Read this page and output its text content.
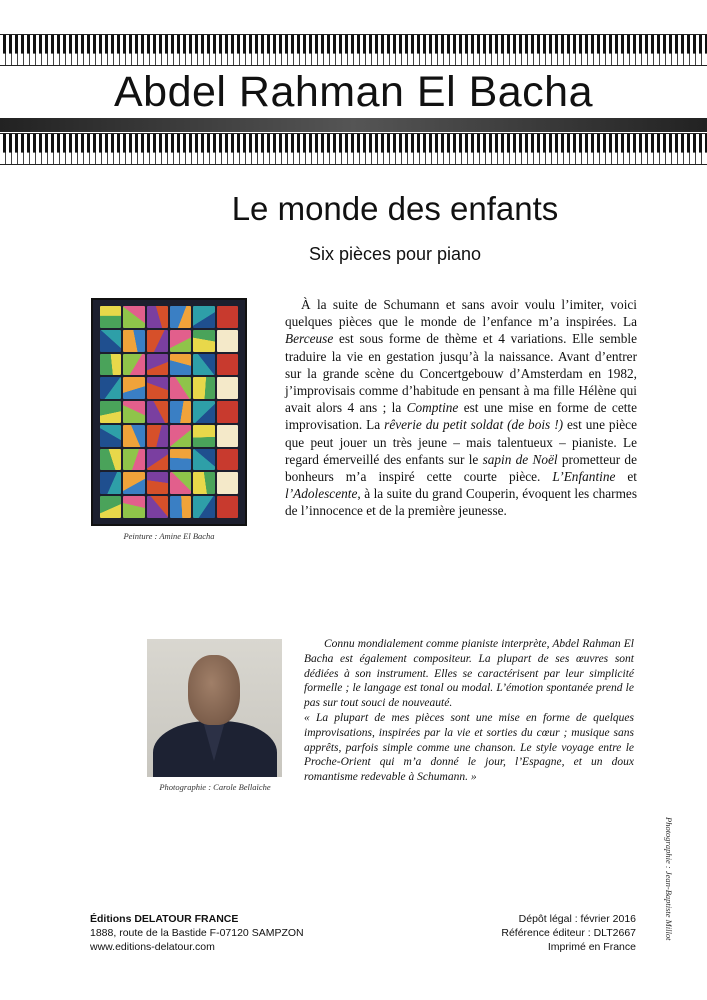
Abdel Rahman El Bacha
Le monde des enfants
Six pièces pour piano
Peinture : Amine El Bacha

À la suite de Schumann et sans avoir voulu l’imiter, voici quelques pièces que le monde de l’enfance m’a inspirées. La Berceuse est sous forme de thème et 4 variations. Elle semble traduire la vie en gestation jusqu’à la naissance. Avant d’entrer sur la grande scène du Concertgebouw d’Amsterdam en 1982, j’improvisais comme d’habitude en pensant à ma fille Hélène qui avait alors 4 ans ; la Comptine est une mise en forme de cette improvisation. La rêverie du petit soldat (de bois !) est une pièce que peut jouer un très jeune – mais talentueux – pianiste. Le regard émerveillé des enfants sur le sapin de Noël prometteur de bonheurs m’a inspiré cette courte pièce. L’Enfantine et l’Adolescente, à la suite du grand Couperin, évoquent les charmes de l’innocence et de la première jeunesse.

Photographie : Carole Bellaïche

Connu mondialement comme pianiste interprète, Abdel Rahman El Bacha est également compositeur. La plupart de ses œuvres sont dédiées à son instrument. Elles se caractérisent par leur simplicité formelle ; le langage est tonal ou modal. L’émotion spontanée prend le pas sur tout souci de nouveauté.

« La plupart de mes pièces sont une mise en forme de quelques improvisations, inspirées par la vie et sorties du cœur ; musique sans apprêts, parfois simple comme une chanson. Le style voyage entre le Proche-Orient qui m’a donné le jour, l’Espagne, et un doux romantisme redevable à Schumann. »

Photographie : Jean-Baptiste Millot
Éditions DELATOUR FRANCE
1888, route de la Bastide F-07120 SAMPZON
www.editions-delatour.com
Dépôt légal : février 2016
Référence éditeur : DLT2667
Imprimé en France
